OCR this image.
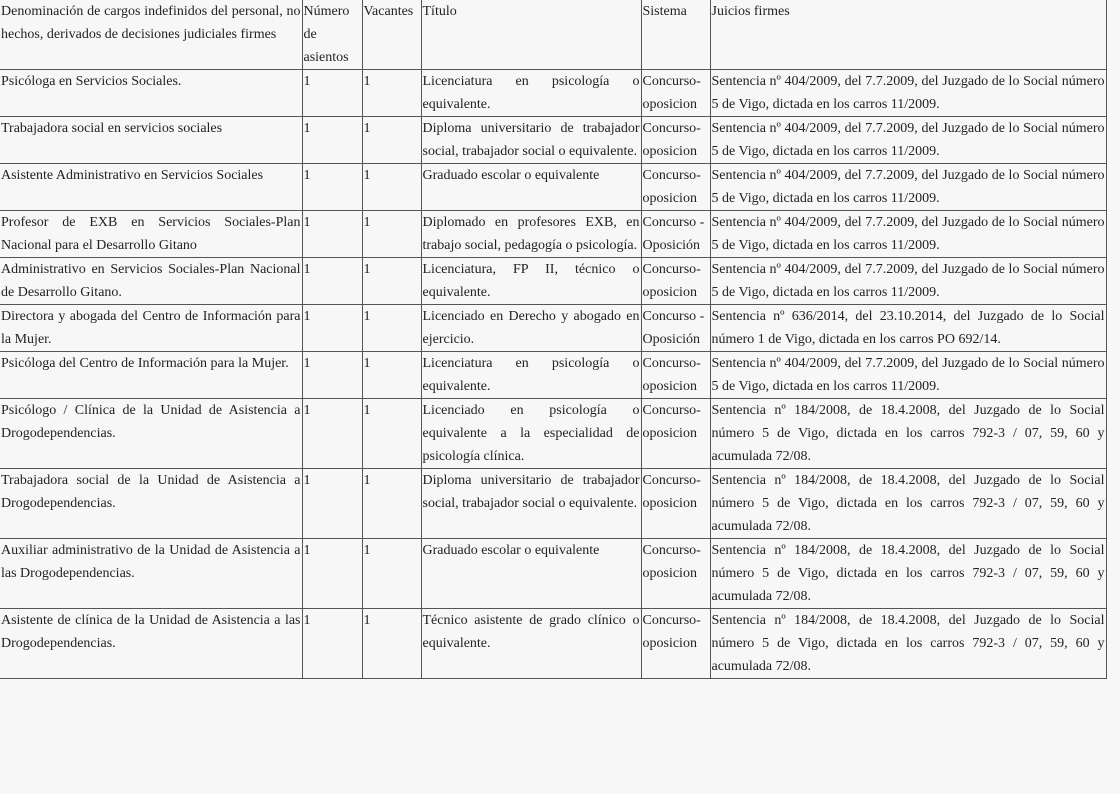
Denominación de cargos indefinidos del personal, no hechos, derivados de decisiones judiciales firmes	Número de asientos	Vacantes	Título	Sistema	Juicios firmes
Psicóloga en Servicios Sociales.	1	1	Licenciatura en psicología o equivalente.	Concurso-oposicion	Sentencia nº 404/2009, del 7.7.2009, del Juzgado de lo Social número 5 de Vigo, dictada en los carros 11/2009.
Trabajadora social en servicios sociales	1	1	Diploma universitario de trabajador social, trabajador social o equivalente.	Concurso-oposicion	Sentencia nº 404/2009, del 7.7.2009, del Juzgado de lo Social número 5 de Vigo, dictada en los carros 11/2009.
Asistente Administrativo en Servicios Sociales	1	1	Graduado escolar o equivalente	Concurso-oposicion	Sentencia nº 404/2009, del 7.7.2009, del Juzgado de lo Social número 5 de Vigo, dictada en los carros 11/2009.
Profesor de EXB en Servicios Sociales-Plan Nacional para el Desarrollo Gitano	1	1	Diplomado en profesores EXB, en trabajo social, pedagogía o psicología.	Concurso - Oposición	Sentencia nº 404/2009, del 7.7.2009, del Juzgado de lo Social número 5 de Vigo, dictada en los carros 11/2009.
Administrativo en Servicios Sociales-Plan Nacional de Desarrollo Gitano.	1	1	Licenciatura, FP II, técnico o equivalente.	Concurso-oposicion	Sentencia nº 404/2009, del 7.7.2009, del Juzgado de lo Social número 5 de Vigo, dictada en los carros 11/2009.
Directora y abogada del Centro de Información para la Mujer.	1	1	Licenciado en Derecho y abogado en ejercicio.	Concurso - Oposición	Sentencia nº 636/2014, del 23.10.2014, del Juzgado de lo Social número 1 de Vigo, dictada en los carros PO 692/14.
Psicóloga del Centro de Información para la Mujer.	1	1	Licenciatura en psicología o equivalente.	Concurso-oposicion	Sentencia nº 404/2009, del 7.7.2009, del Juzgado de lo Social número 5 de Vigo, dictada en los carros 11/2009.
Psicólogo / Clínica de la Unidad de Asistencia a Drogodependencias.	1	1	Licenciado en psicología o equivalente a la especialidad de psicología clínica.	Concurso-oposicion	Sentencia nº 184/2008, de 18.4.2008, del Juzgado de lo Social número 5 de Vigo, dictada en los carros 792-3 / 07, 59, 60 y acumulada 72/08.
Trabajadora social de la Unidad de Asistencia a Drogodependencias.	1	1	Diploma universitario de trabajador social, trabajador social o equivalente.	Concurso-oposicion	Sentencia nº 184/2008, de 18.4.2008, del Juzgado de lo Social número 5 de Vigo, dictada en los carros 792-3 / 07, 59, 60 y acumulada 72/08.
Auxiliar administrativo de la Unidad de Asistencia a las Drogodependencias.	1	1	Graduado escolar o equivalente	Concurso-oposicion	Sentencia nº 184/2008, de 18.4.2008, del Juzgado de lo Social número 5 de Vigo, dictada en los carros 792-3 / 07, 59, 60 y acumulada 72/08.
Asistente de clínica de la Unidad de Asistencia a las Drogodependencias.	1	1	Técnico asistente de grado clínico o equivalente.	Concurso-oposicion	Sentencia nº 184/2008, de 18.4.2008, del Juzgado de lo Social número 5 de Vigo, dictada en los carros 792-3 / 07, 59, 60 y acumulada 72/08.
